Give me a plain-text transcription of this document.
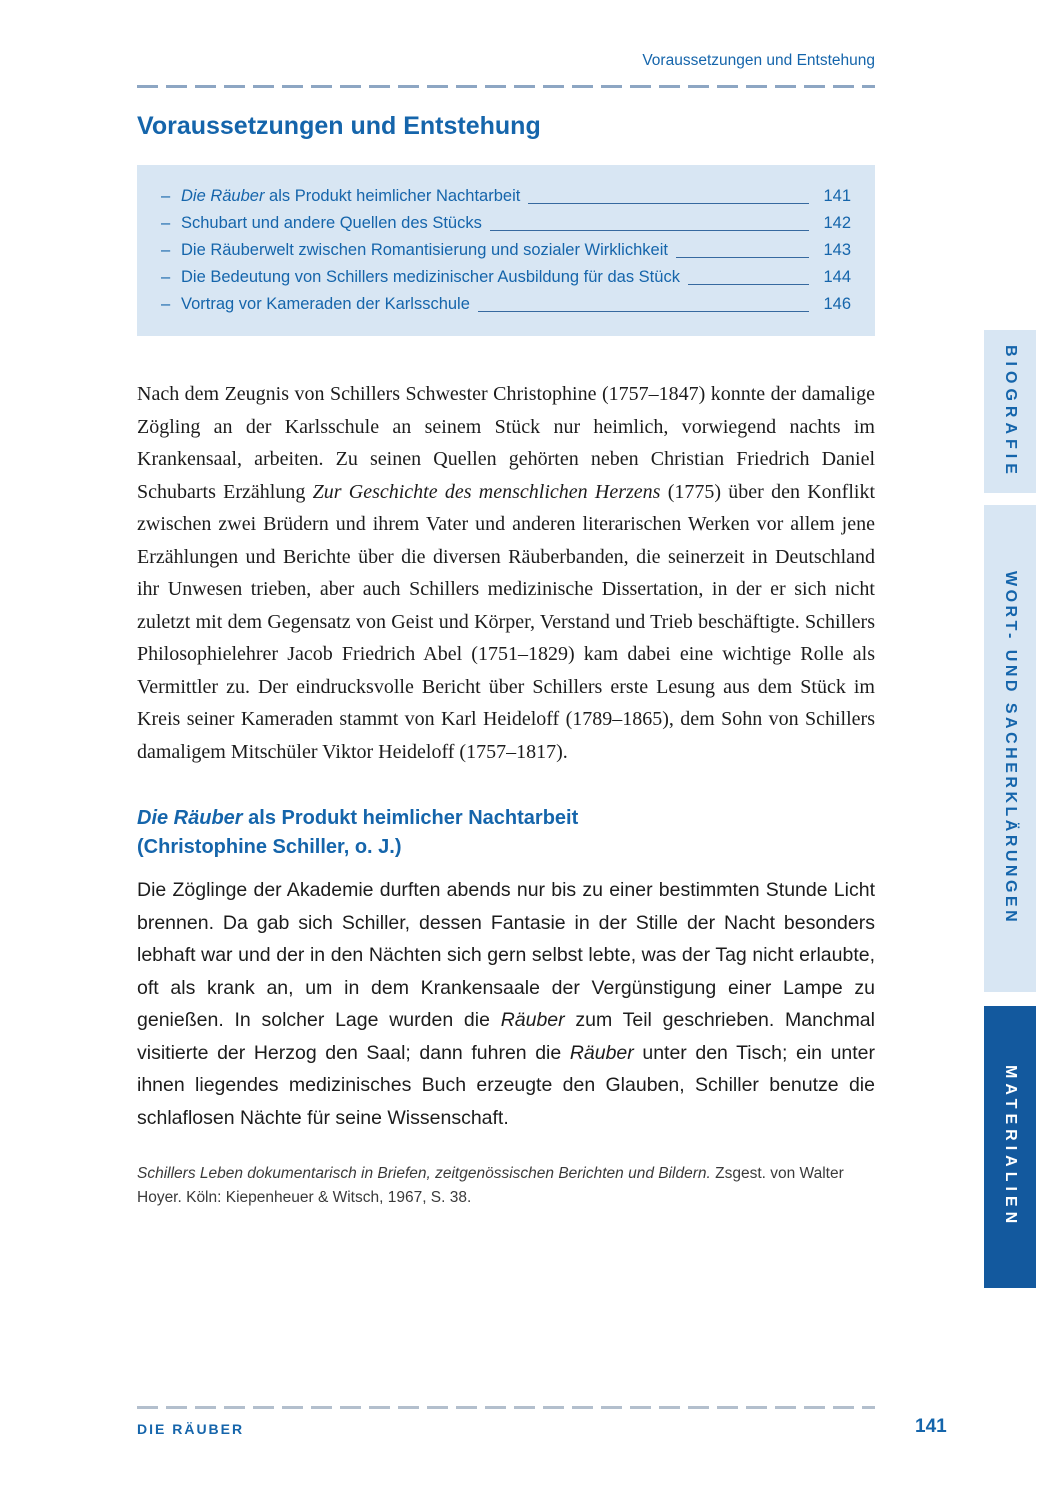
Voraussetzungen und Entstehung
Voraussetzungen und Entstehung
– Die Räuber als Produkt heimlicher Nachtarbeit	141
– Schubart und andere Quellen des Stücks	142
– Die Räuberwelt zwischen Romantisierung und sozialer Wirklichkeit	143
– Die Bedeutung von Schillers medizinischer Ausbildung für das Stück	144
– Vortrag vor Kameraden der Karlsschule	146

Nach dem Zeugnis von Schillers Schwester Christophine (1757–1847) konnte der damalige Zögling an der Karlsschule an seinem Stück nur heimlich, vorwiegend nachts im Krankensaal, arbeiten. Zu seinen Quellen gehörten neben Christian Friedrich Daniel Schubarts Erzählung Zur Geschichte des menschlichen Herzens (1775) über den Konflikt zwischen zwei Brüdern und ihrem Vater und anderen literarischen Werken vor allem jene Erzählungen und Berichte über die diversen Räuberbanden, die seinerzeit in Deutschland ihr Unwesen trieben, aber auch Schillers medizinische Dissertation, in der er sich nicht zuletzt mit dem Gegensatz von Geist und Körper, Verstand und Trieb beschäftigte. Schillers Philosophielehrer Jacob Friedrich Abel (1751–1829) kam dabei eine wichtige Rolle als Vermittler zu. Der eindrucksvolle Bericht über Schillers erste Lesung aus dem Stück im Kreis seiner Kameraden stammt von Karl Heideloff (1789–1865), dem Sohn von Schillers damaligem Mitschüler Viktor Heideloff (1757–1817).

Die Räuber als Produkt heimlicher Nachtarbeit
(Christophine Schiller, o. J.)

Die Zöglinge der Akademie durften abends nur bis zu einer bestimmten Stunde Licht brennen. Da gab sich Schiller, dessen Fantasie in der Stille der Nacht besonders lebhaft war und der in den Nächten sich gern selbst lebte, was der Tag nicht erlaubte, oft als krank an, um in dem Krankensaale der Vergünstigung einer Lampe zu genießen. In solcher Lage wurden die Räuber zum Teil geschrieben. Manchmal visitierte der Herzog den Saal; dann fuhren die Räuber unter den Tisch; ein unter ihnen liegendes medizinisches Buch erzeugte den Glauben, Schiller benutze die schlaflosen Nächte für seine Wissenschaft.

Schillers Leben dokumentarisch in Briefen, zeitgenössischen Berichten und Bildern. Zsgest. von Walter Hoyer. Köln: Kiepenheuer & Witsch, 1967, S. 38.

DIE RÄUBER	141
BIOGRAFIE
WORT- UND SACHERKLÄRUNGEN
MATERIALIEN
